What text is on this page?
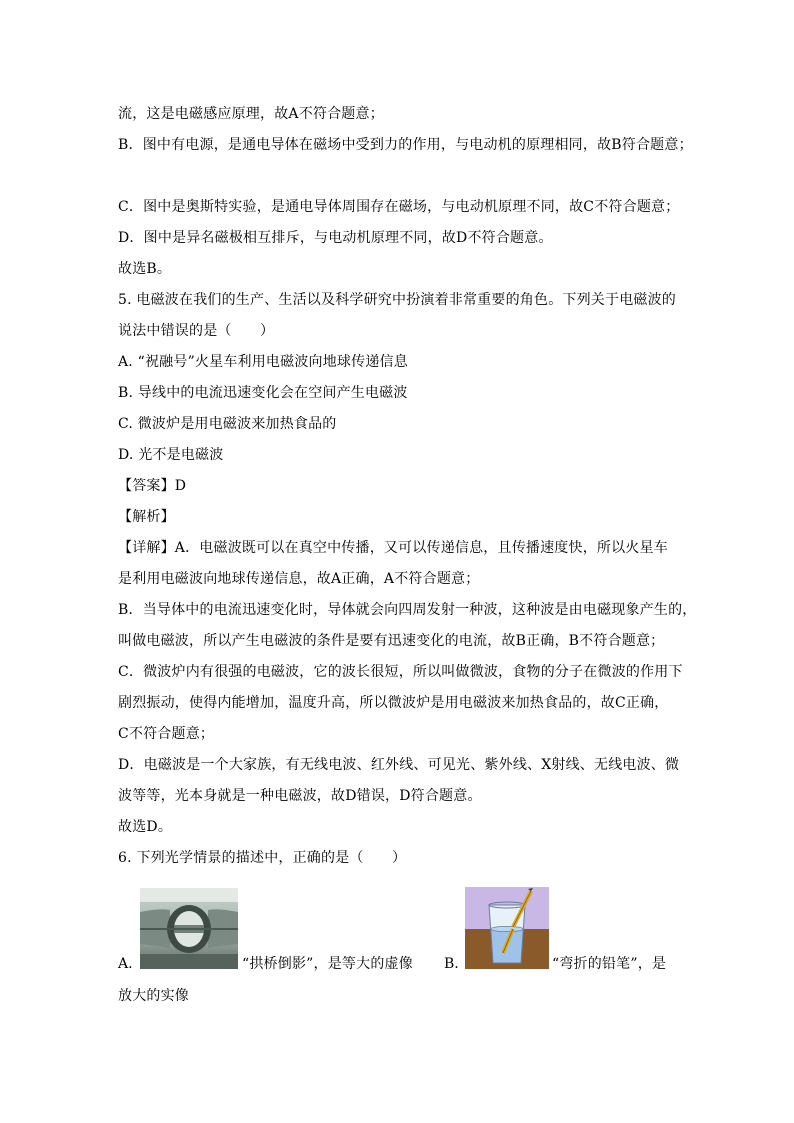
流，这是电磁感应原理，故A不符合题意；
B．图中有电源，是通电导体在磁场中受到力的作用，与电动机的原理相同，故B符合题意；
C．图中是奥斯特实验，是通电导体周围存在磁场，与电动机原理不同，故C不符合题意；
D．图中是异名磁极相互排斥，与电动机原理不同，故D不符合题意。
故选B。
5. 电磁波在我们的生产、生活以及科学研究中扮演着非常重要的角色。下列关于电磁波的
说法中错误的是（　　）
A. “祝融号”火星车利用电磁波向地球传递信息
B. 导线中的电流迅速变化会在空间产生电磁波
C. 微波炉是用电磁波来加热食品的
D. 光不是电磁波
【答案】D
【解析】
【详解】A．电磁波既可以在真空中传播，又可以传递信息，且传播速度快，所以火星车
是利用电磁波向地球传递信息，故A正确，A不符合题意；
B．当导体中的电流迅速变化时，导体就会向四周发射一种波，这种波是由电磁现象产生的，
叫做电磁波，所以产生电磁波的条件是要有迅速变化的电流，故B正确，B不符合题意；
C．微波炉内有很强的电磁波，它的波长很短，所以叫做微波，食物的分子在微波的作用下
剧烈振动，使得内能增加，温度升高，所以微波炉是用电磁波来加热食品的，故C正确，
C不符合题意；
D．电磁波是一个大家族，有无线电波、红外线、可见光、紫外线、X射线、无线电波、微
波等等，光本身就是一种电磁波，故D错误，D符合题意。
故选D。
6. 下列光学情景的描述中，正确的是（　　）
A.	“拱桥倒影”，是等大的虚像 B.	“弯折的铅笔”，是
放大的实像
